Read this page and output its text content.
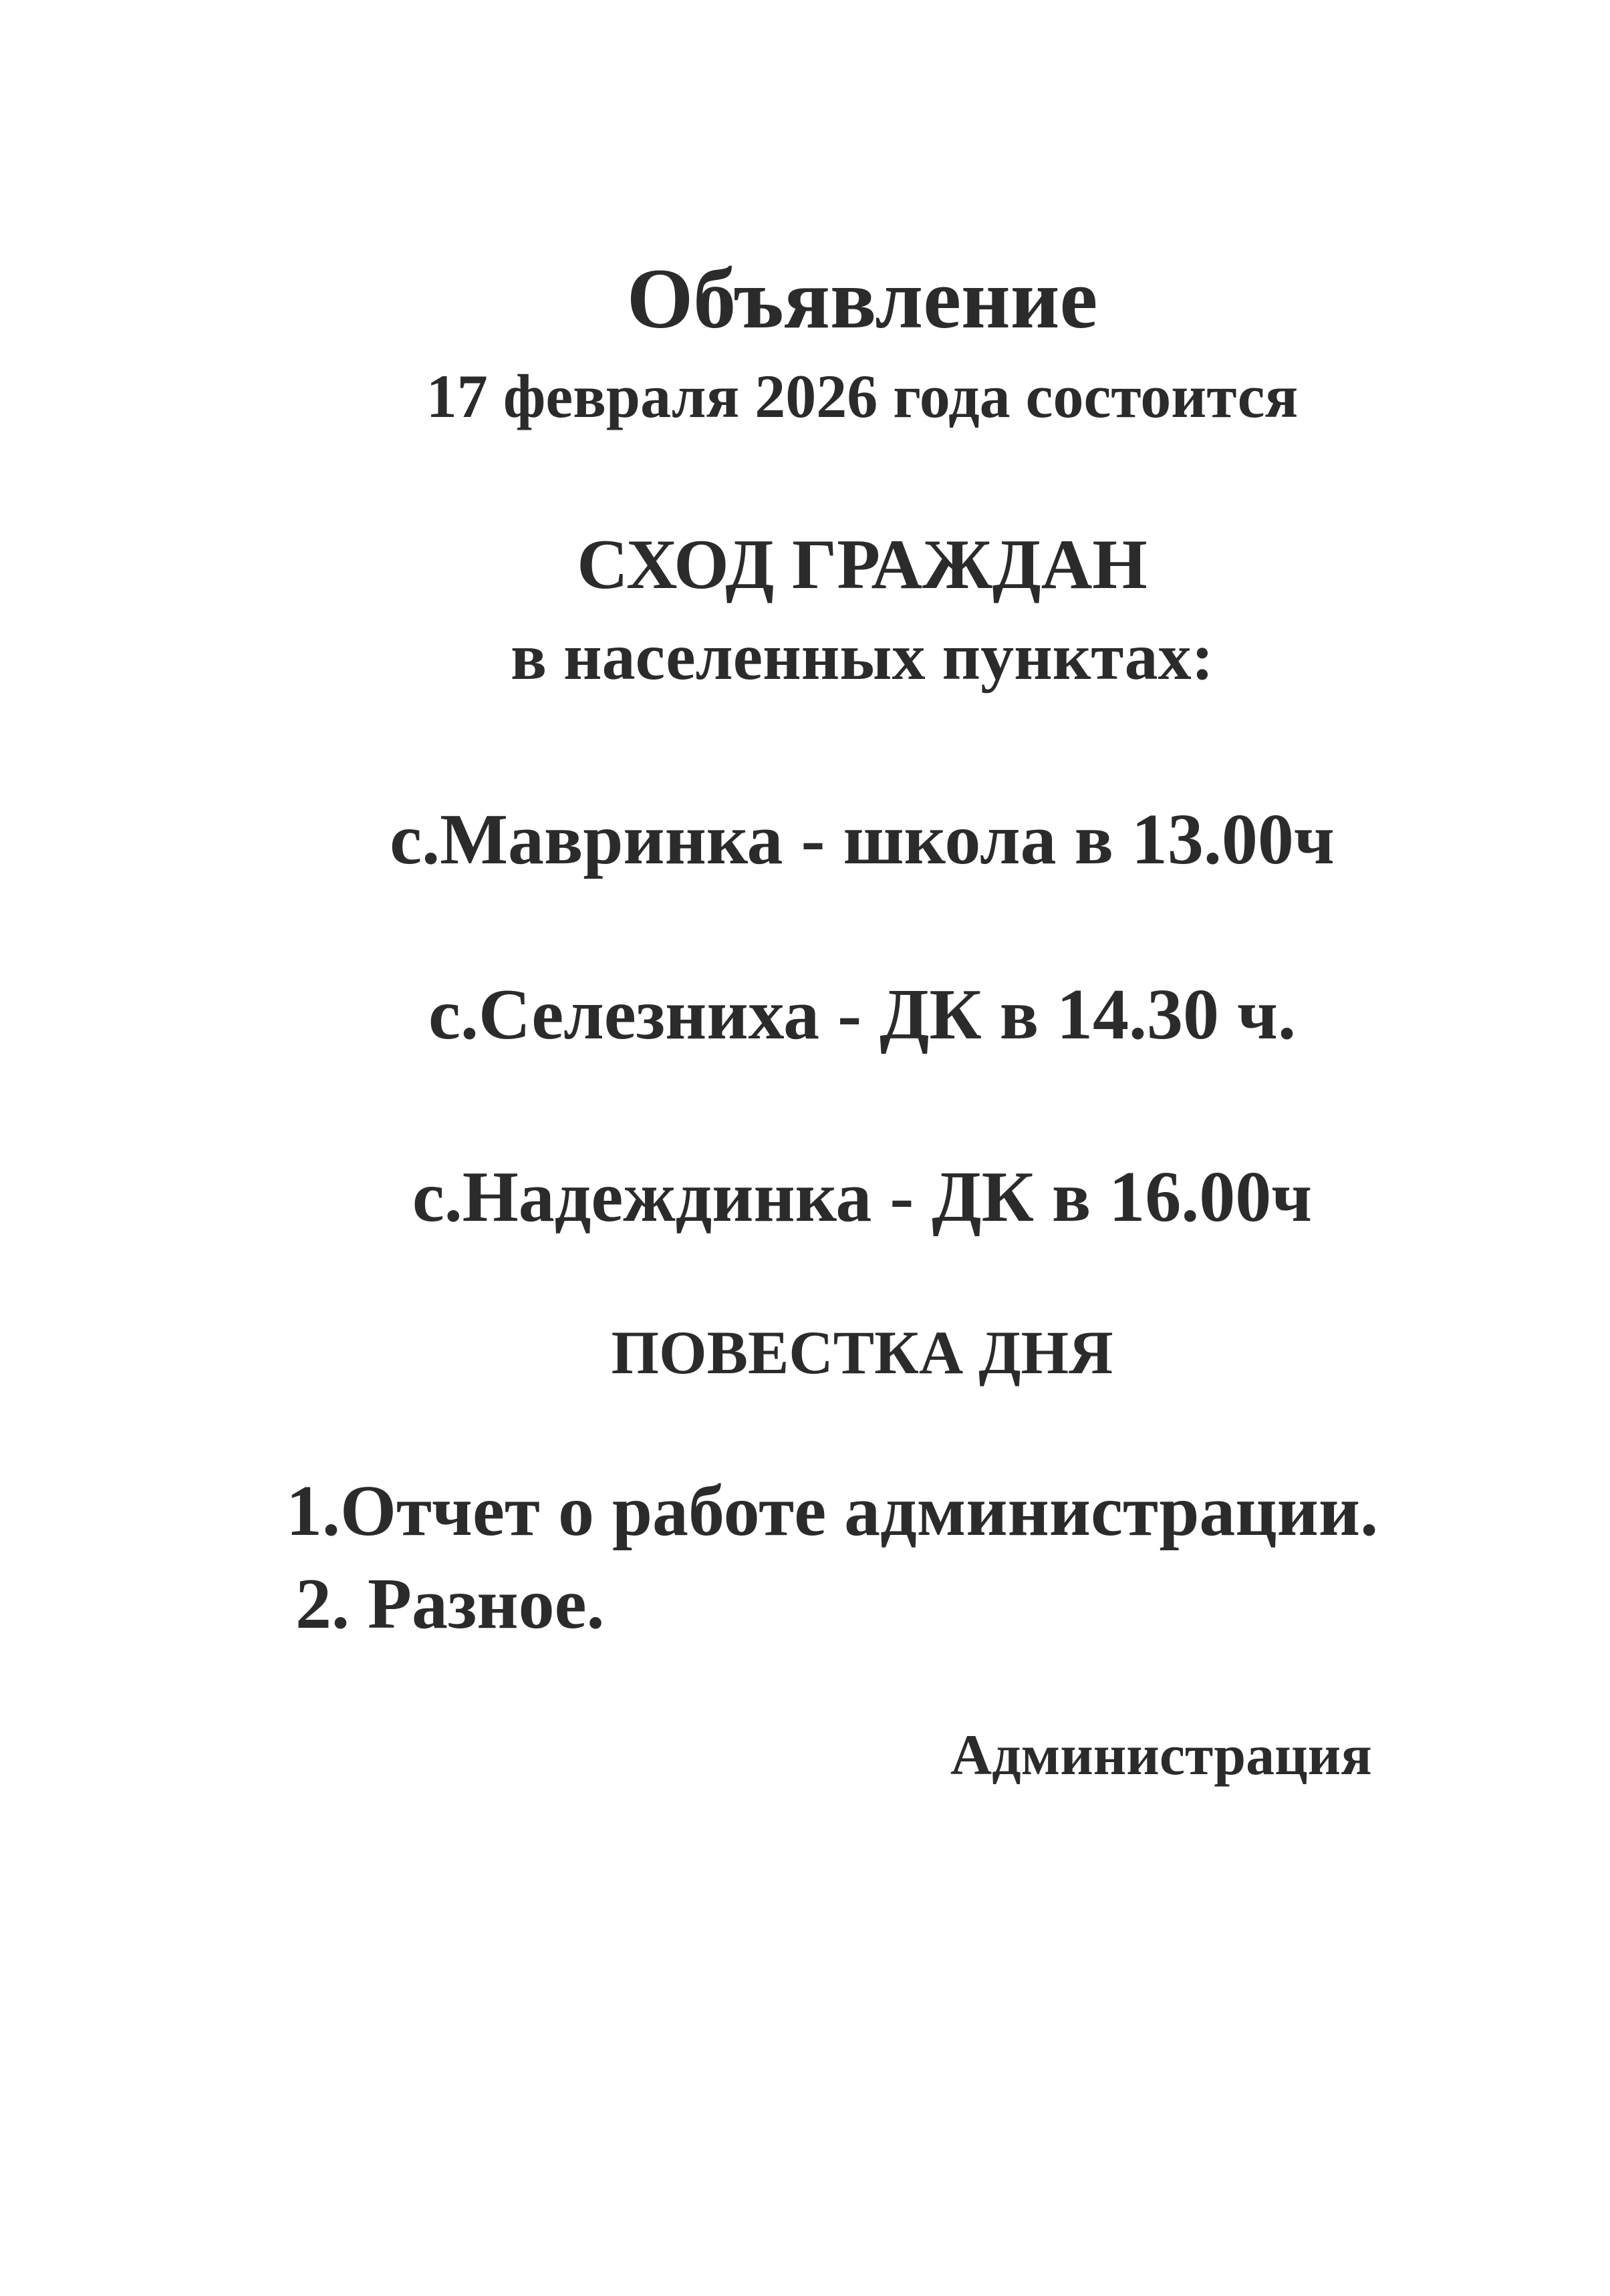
Объявление
17 февраля 2026 года состоится
СХОД ГРАЖДАН
в населенных пунктах:
с.Мавринка - школа в 13.00ч
с.Селезниха - ДК в 14.30 ч.
с.Надеждинка - ДК в 16.00ч
ПОВЕСТКА ДНЯ
1.Отчет о работе администрации.
2. Разное.
Администрация
